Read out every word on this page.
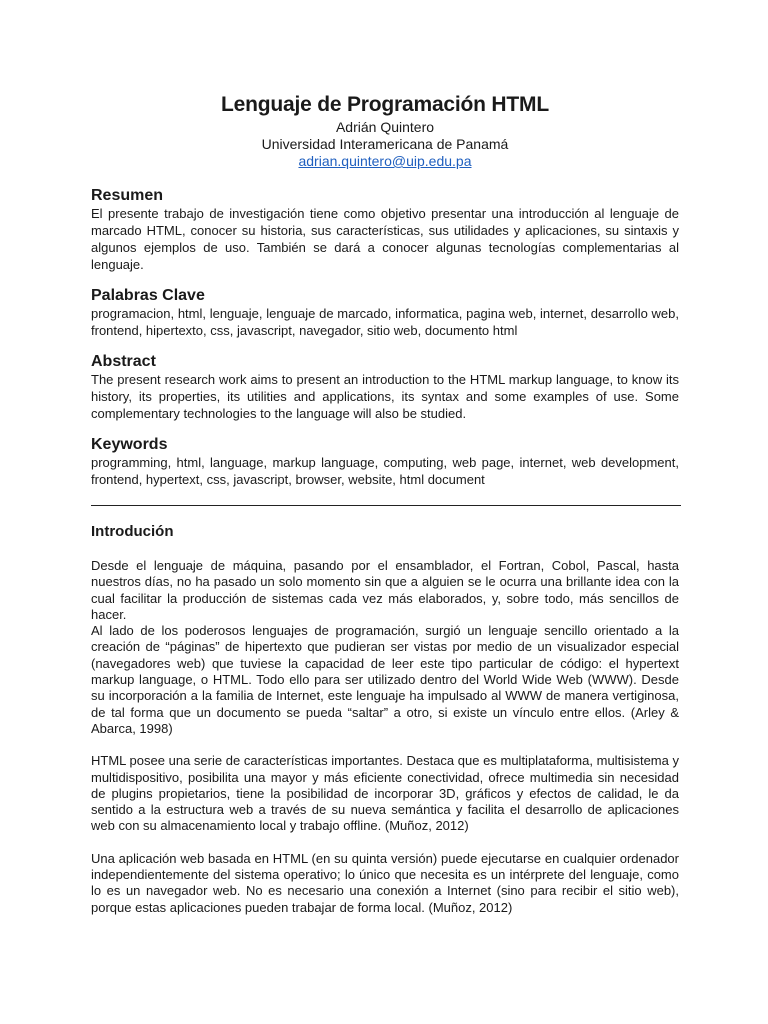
Lenguaje de Programación HTML
Adrián Quintero
Universidad Interamericana de Panamá
adrian.quintero@uip.edu.pa
Resumen

El presente trabajo de investigación tiene como objetivo presentar una introducción al lenguaje de marcado HTML, conocer su historia, sus características, sus utilidades y aplicaciones, su sintaxis y algunos ejemplos de uso. También se dará a conocer algunas tecnologías complementarias al lenguaje.

Palabras Clave

programacion, html, lenguaje, lenguaje de marcado, informatica, pagina web, internet, desarrollo web, frontend, hipertexto, css, javascript, navegador, sitio web, documento html

Abstract

The present research work aims to present an introduction to the HTML markup language, to know its history, its properties, its utilities and applications, its syntax and some examples of use. Some complementary technologies to the language will also be studied.

Keywords

programming, html, language, markup language, computing, web page, internet, web development, frontend, hypertext, css, javascript, browser, website, html document

Introdución

Desde el lenguaje de máquina, pasando por el ensamblador, el Fortran, Cobol, Pascal, hasta nuestros días, no ha pasado un solo momento sin que a alguien se le ocurra una brillante idea con la cual facilitar la producción de sistemas cada vez más elaborados, y, sobre todo, más sencillos de hacer.

Al lado de los poderosos lenguajes de programación, surgió un lenguaje sencillo orientado a la creación de “páginas” de hipertexto que pudieran ser vistas por medio de un visualizador especial (navegadores web) que tuviese la capacidad de leer este tipo particular de código: el hypertext markup language, o HTML. Todo ello para ser utilizado dentro del World Wide Web (WWW). Desde su incorporación a la familia de Internet, este lenguaje ha impulsado al WWW de manera vertiginosa, de tal forma que un documento se pueda “saltar” a otro, si existe un vínculo entre ellos. (Arley & Abarca, 1998)

HTML posee una serie de características importantes. Destaca que es multiplataforma, multisistema y multidispositivo, posibilita una mayor y más eficiente conectividad, ofrece multimedia sin necesidad de plugins propietarios, tiene la posibilidad de incorporar 3D, gráficos y efectos de calidad, le da sentido a la estructura web a través de su nueva semántica y facilita el desarrollo de aplicaciones web con su almacenamiento local y trabajo offline. (Muñoz, 2012)

Una aplicación web basada en HTML (en su quinta versión) puede ejecutarse en cualquier ordenador independientemente del sistema operativo; lo único que necesita es un intérprete del lenguaje, como lo es un navegador web. No es necesario una conexión a Internet (sino para recibir el sitio web), porque estas aplicaciones pueden trabajar de forma local. (Muñoz, 2012)
